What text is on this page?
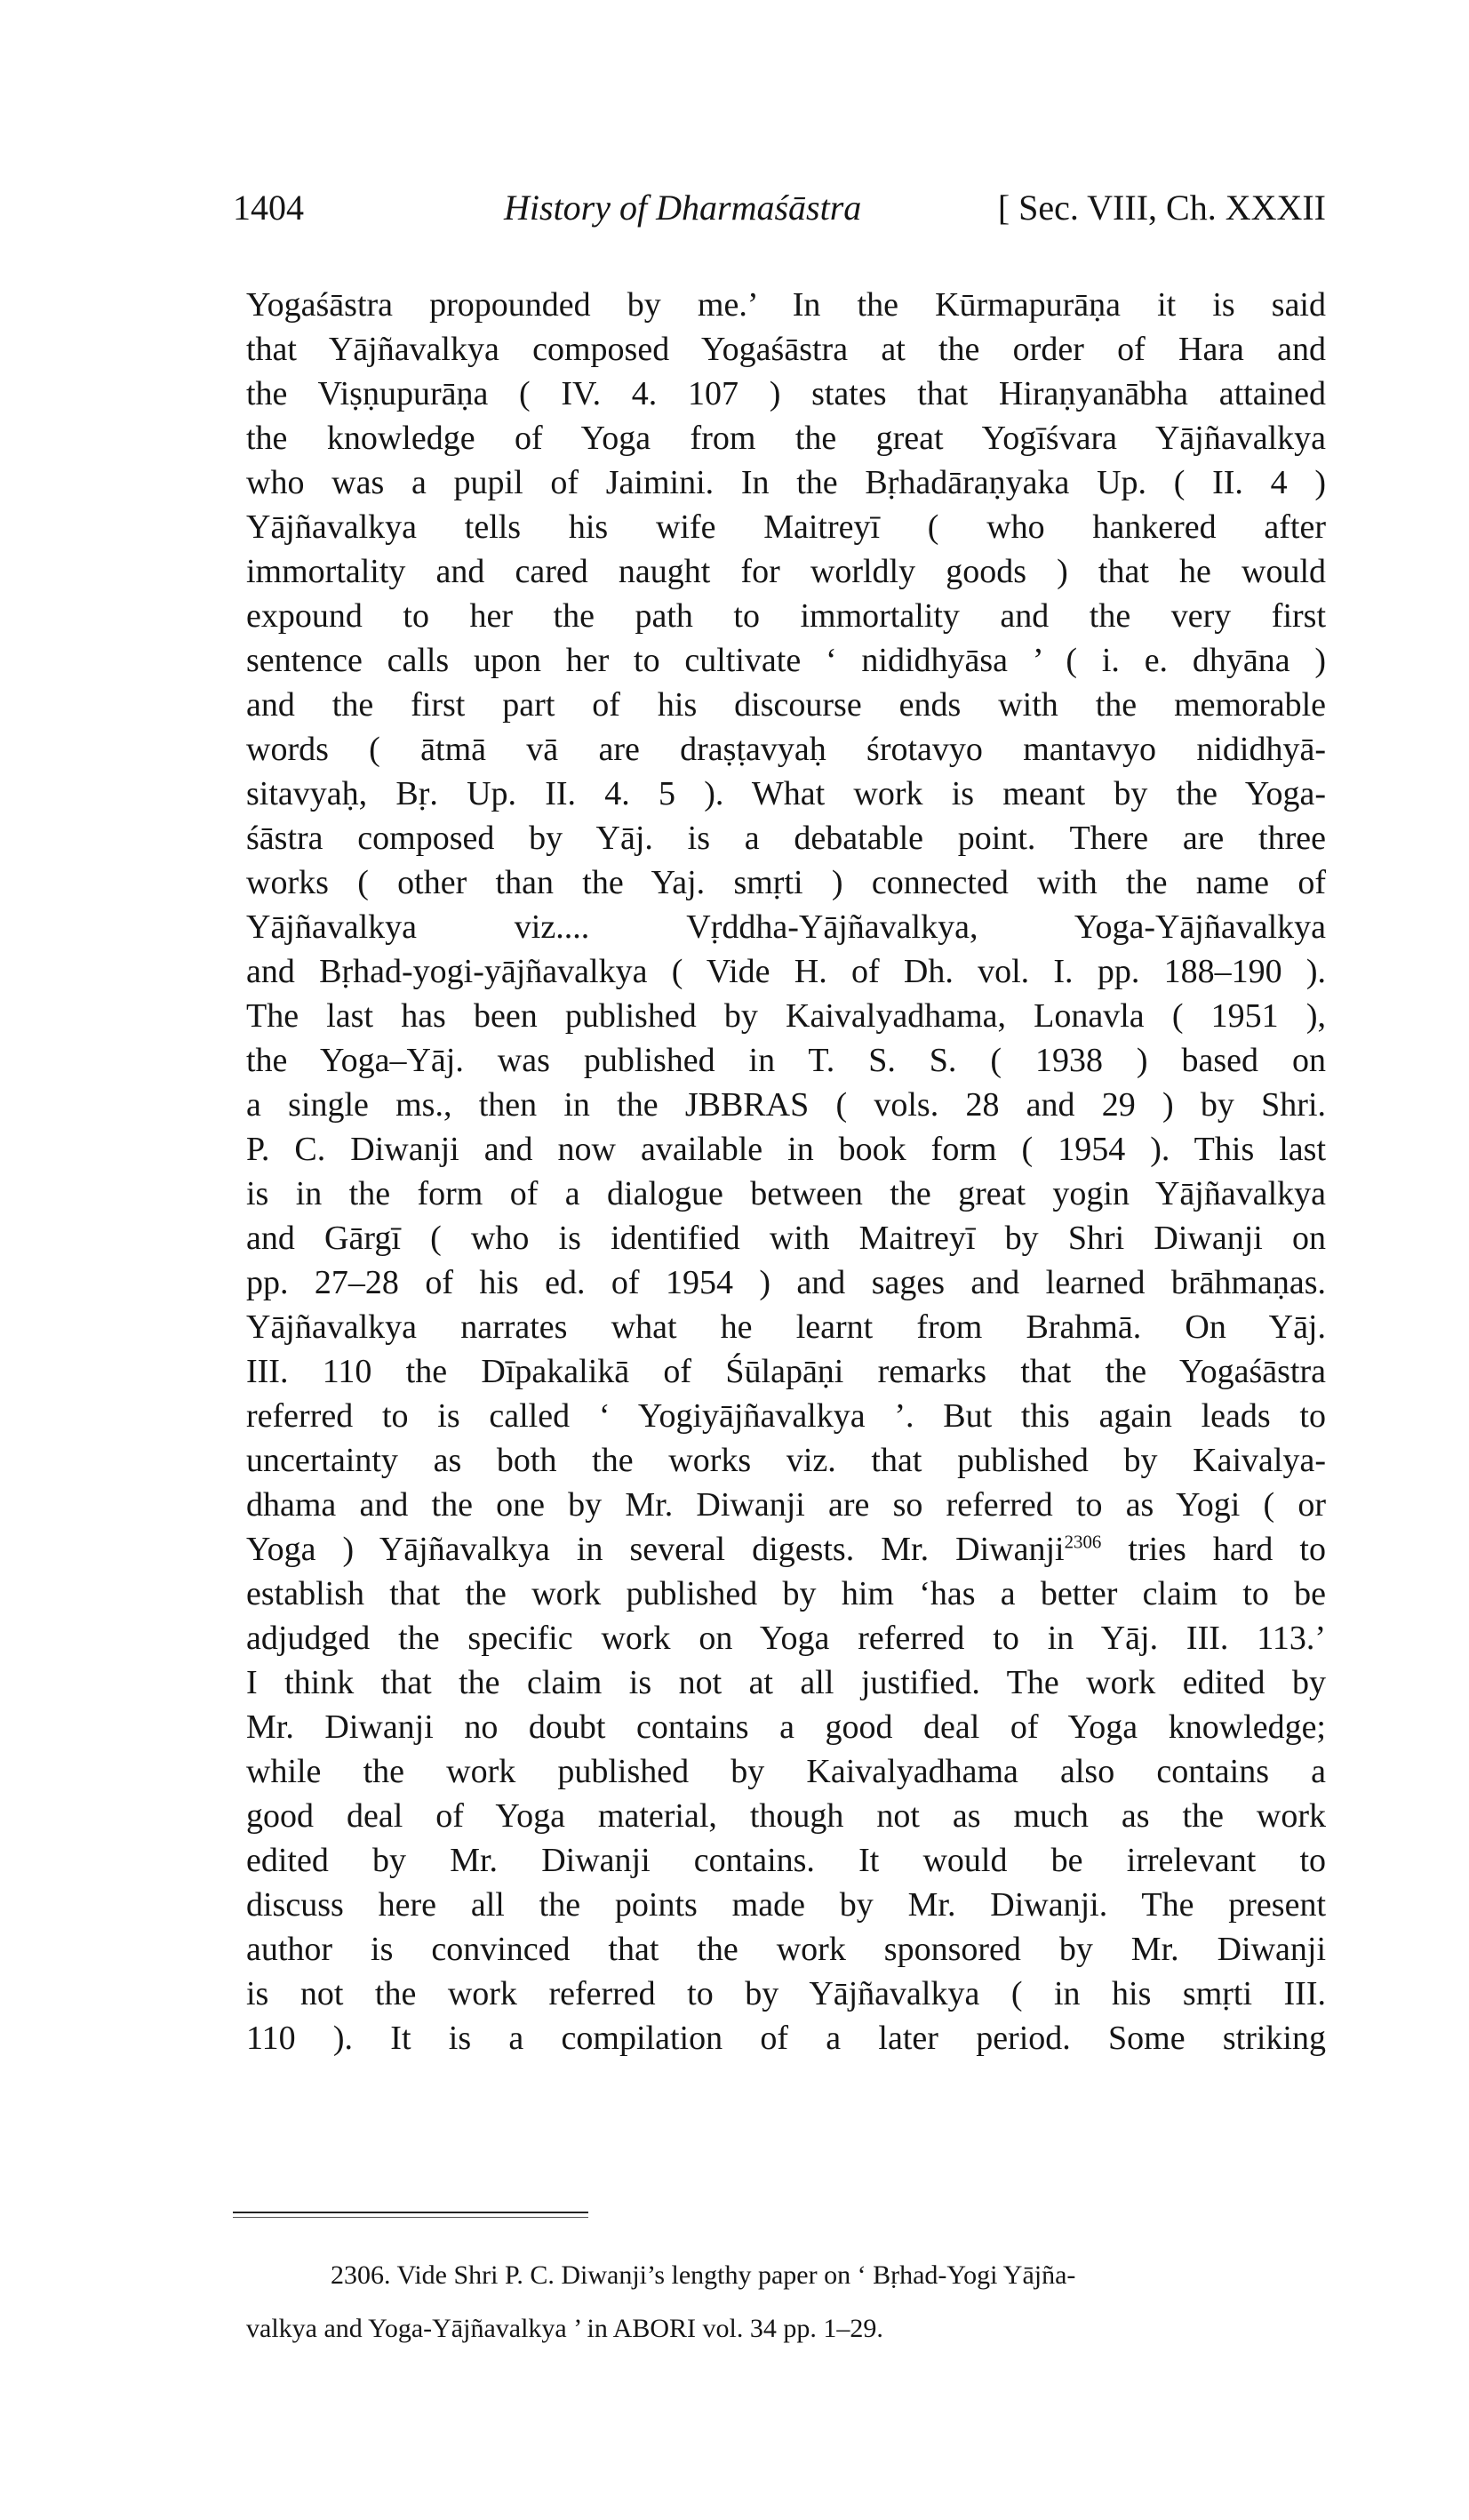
1404	History of Dharmaśāstra	[ Sec. VIII, Ch. XXXII
Yogaśāstra propounded by me.’ In the Kūrmapurāṇa it is said
that Yājñavalkya composed Yogaśāstra at the order of Hara and
the Viṣṇupurāṇa ( IV. 4. 107 ) states that Hiraṇyanābha attained
the knowledge of Yoga from the great Yogīśvara Yājñavalkya
who was a pupil of Jaimini. In the Bṛhadāraṇyaka Up. ( II. 4 )
Yājñavalkya tells his wife Maitreyī ( who hankered after
immortality and cared naught for worldly goods ) that he would
expound to her the path to immortality and the very first
sentence calls upon her to cultivate ‘ nididhyāsa ’ ( i. e. dhyāna )
and the first part of his discourse ends with the memorable
words ( ātmā vā are draṣṭavyaḥ śrotavyo mantavyo nididhyā-
sitavyaḥ, Bṛ. Up. II. 4. 5 ). What work is meant by the Yoga-
śāstra composed by Yāj. is a debatable point. There are three
works ( other than the Yaj. smṛti ) connected with the name of
Yājñavalkya viz.... Vṛddha-Yājñavalkya, Yoga-Yājñavalkya
and Bṛhad-yogi-yājñavalkya ( Vide H. of Dh. vol. I. pp. 188–190 ).
The last has been published by Kaivalyadhama, Lonavla ( 1951 ),
the Yoga–Yāj. was published in T. S. S. ( 1938 ) based on
a single ms., then in the JBBRAS ( vols. 28 and 29 ) by Shri.
P. C. Diwanji and now available in book form ( 1954 ). This last
is in the form of a dialogue between the great yogin Yājñavalkya
and Gārgī ( who is identified with Maitreyī by Shri Diwanji on
pp. 27–28 of his ed. of 1954 ) and sages and learned brāhmaṇas.
Yājñavalkya narrates what he learnt from Brahmā. On Yāj.
III. 110 the Dīpakalikā of Śūlapāṇi remarks that the Yogaśāstra
referred to is called ‘ Yogiyājñavalkya ’. But this again leads to
uncertainty as both the works viz. that published by Kaivalya-
dhama and the one by Mr. Diwanji are so referred to as Yogi ( or
Yoga ) Yājñavalkya in several digests. Mr. Diwanji$^{2306}$ tries hard to
establish that the work published by him ‘has a better claim to be
adjudged the specific work on Yoga referred to in Yāj. III. 113.’
I think that the claim is not at all justified. The work edited by
Mr. Diwanji no doubt contains a good deal of Yoga knowledge;
while the work published by Kaivalyadhama also contains a
good deal of Yoga material, though not as much as the work
edited by Mr. Diwanji contains. It would be irrelevant to
discuss here all the points made by Mr. Diwanji. The present
author is convinced that the work sponsored by Mr. Diwanji
is not the work referred to by Yājñavalkya ( in his smṛti III.
110 ). It is a compilation of a later period. Some striking
2306. Vide Shri P. C. Diwanji’s lengthy paper on ‘ Bṛhad-Yogi Yājña-
valkya and Yoga-Yājñavalkya ’ in ABORI vol. 34 pp. 1–29.
